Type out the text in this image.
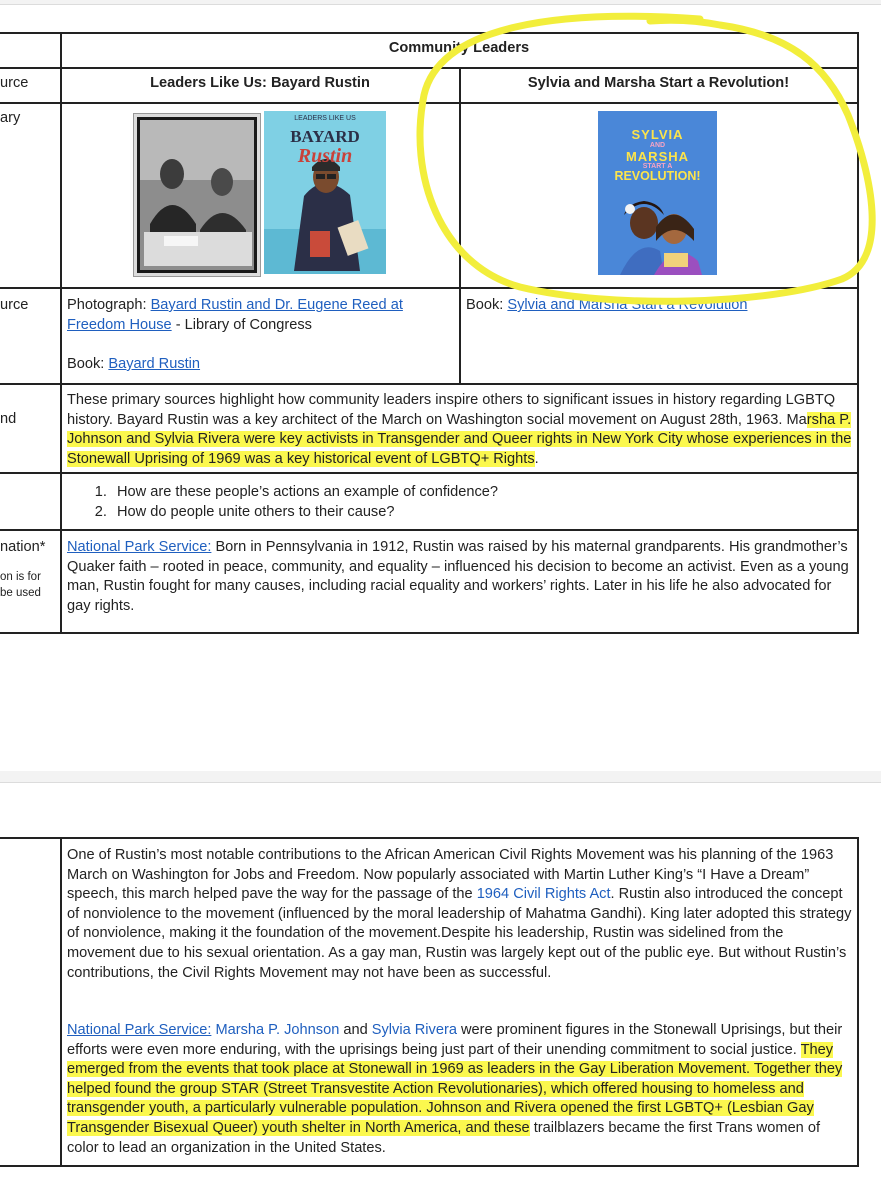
urce
ary
urce
nd
nation*
on is for
be used
Community Leaders
Leaders Like Us: Bayard Rustin	Sylvia and Marsha Start a Revolution!
LEADERS LIKE US
BAYARD
Rustin
SYLVIA
AND
MARSHA
START A
REVOLUTION!
Photograph: Bayard Rustin and Dr. Eugene Reed at Freedom House - Library of Congress
Book: Bayard Rustin
Book: Sylvia and Marsha Start a Revolution
These primary sources highlight how community leaders inspire others to significant issues in history regarding LGBTQ history. Bayard Rustin was a key architect of the March on Washington social movement on August 28th, 1963. Marsha P. Johnson and Sylvia Rivera were key activists in Transgender and Queer rights in New York City whose experiences in the Stonewall Uprising of 1969 was a key historical event of LGBTQ+ Rights.
1. How are these people’s actions an example of confidence?
2. How do people unite others to their cause?
National Park Service: Born in Pennsylvania in 1912, Rustin was raised by his maternal grandparents. His grandmother’s Quaker faith – rooted in peace, community, and equality – influenced his decision to become an activist. Even as a young man, Rustin fought for many causes, including racial equality and workers’ rights. Later in his life he also advocated for gay rights.
One of Rustin’s most notable contributions to the African American Civil Rights Movement was his planning of the 1963 March on Washington for Jobs and Freedom. Now popularly associated with Martin Luther King’s “I Have a Dream” speech, this march helped pave the way for the passage of the 1964 Civil Rights Act. Rustin also introduced the concept of nonviolence to the movement (influenced by the moral leadership of Mahatma Gandhi). King later adopted this strategy of nonviolence, making it the foundation of the movement.Despite his leadership, Rustin was sidelined from the movement due to his sexual orientation. As a gay man, Rustin was largely kept out of the public eye. But without Rustin’s contributions, the Civil Rights Movement may not have been as successful.
National Park Service: Marsha P. Johnson and Sylvia Rivera were prominent figures in the Stonewall Uprisings, but their efforts were even more enduring, with the uprisings being just part of their unending commitment to social justice. They emerged from the events that took place at Stonewall in 1969 as leaders in the Gay Liberation Movement. Together they helped found the group STAR (Street Transvestite Action Revolutionaries), which offered housing to homeless and transgender youth, a particularly vulnerable population. Johnson and Rivera opened the first LGBTQ+ (Lesbian Gay Transgender Bisexual Queer) youth shelter in North America, and these trailblazers became the first Trans women of color to lead an organization in the United States.
